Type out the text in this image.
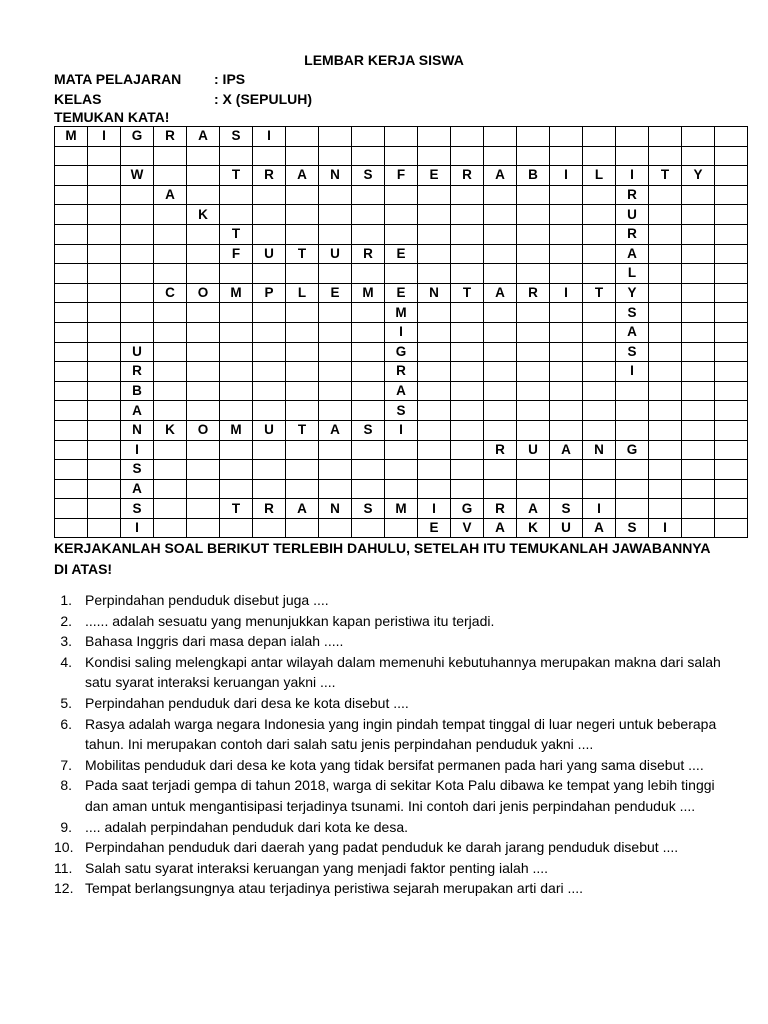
LEMBAR KERJA SISWA
MATA PELAJARAN : IPS
KELAS	: X (SEPULUH)
TEMUKAN KATA!
M	I	G	R	A	S	I														

		W			T	R	A	N	S	F	E	R	A	B	I	L	I	T	Y	
			A														R			
				K													U			
					T												R			
					F	U	T	U	R	E							A			
																	L			
			C	O	M	P	L	E	M	E	N	T	A	R	I	T	Y			
										M							S			
										I							A			
		U								G							S			
		R								R							I			
		B								A										
		A								S										
		N	K	O	M	U	T	A	S	I										
		I											R	U	A	N	G			
		S																		
		A																		
		S			T	R	A	N	S	M	I	G	R	A	S	I				
		I									E	V	A	K	U	A	S	I		
KERJAKANLAH SOAL BERIKUT TERLEBIH DAHULU, SETELAH ITU TEMUKANLAH JAWABANNYA DI ATAS!
1. Perpindahan penduduk disebut juga ....
2. ...... adalah sesuatu yang menunjukkan kapan peristiwa itu terjadi.
3. Bahasa Inggris dari masa depan ialah .....
4. Kondisi saling melengkapi antar wilayah dalam memenuhi kebutuhannya merupakan makna dari salah satu syarat interaksi keruangan yakni ....
5. Perpindahan penduduk dari desa ke kota disebut ....
6. Rasya adalah warga negara Indonesia yang ingin pindah tempat tinggal di luar negeri untuk beberapa tahun. Ini merupakan contoh dari salah satu jenis perpindahan penduduk yakni ....
7. Mobilitas penduduk dari desa ke kota yang tidak bersifat permanen pada hari yang sama disebut ....
8. Pada saat terjadi gempa di tahun 2018, warga di sekitar Kota Palu dibawa ke tempat yang lebih tinggi dan aman untuk mengantisipasi terjadinya tsunami. Ini contoh dari jenis perpindahan penduduk ....
9. .... adalah perpindahan penduduk dari kota ke desa.
10. Perpindahan penduduk dari daerah yang padat penduduk ke darah jarang penduduk disebut ....
11. Salah satu syarat interaksi keruangan yang menjadi faktor penting ialah ....
12. Tempat berlangsungnya atau terjadinya peristiwa sejarah merupakan arti dari ....
